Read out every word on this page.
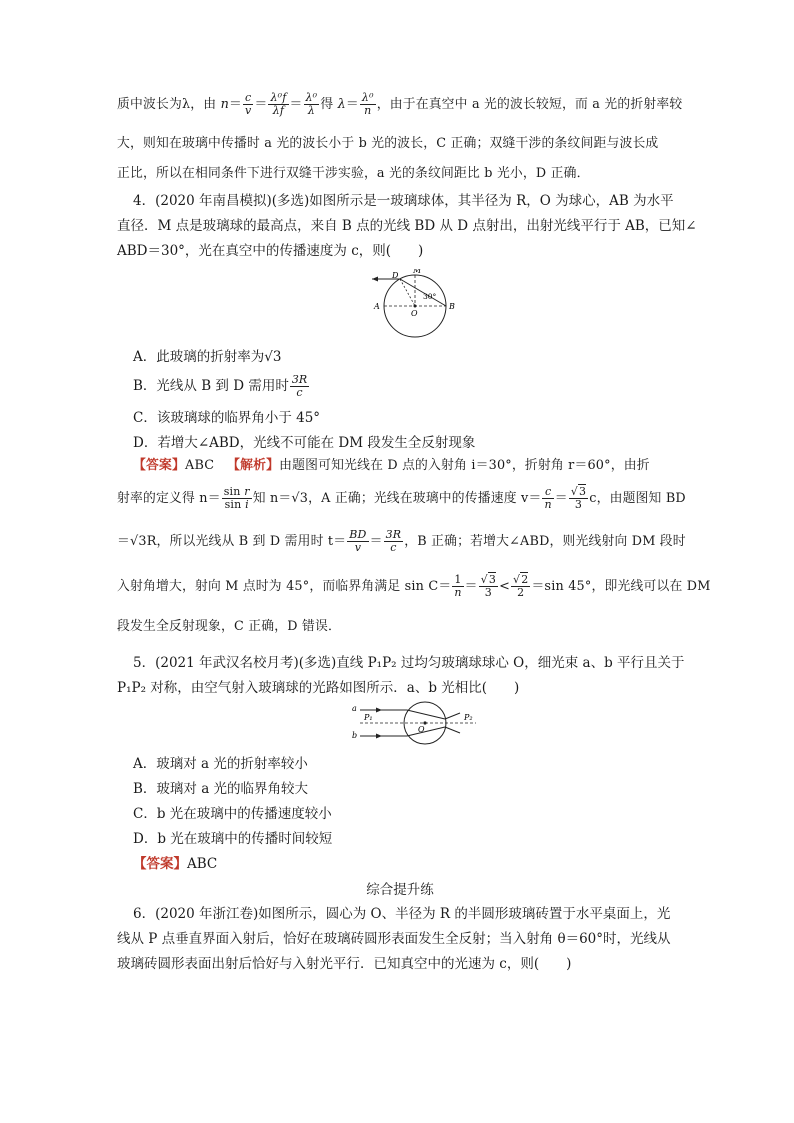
质中波长为λ，由 $n= \frac{c}{v} = \frac{\text{λ⁰f}}{\lambda f} = \frac{\text{λ⁰}}{\lambda}$ 得 $\lambda= \frac{\text{λ⁰}}{n}$ ，由于在真空中 a 光的波长较短，而 a 光的折射率较
大，则知在玻璃中传播时 a 光的波长小于 b 光的波长，C 正确；双缝干涉的条纹间距与波长成
正比，所以在相同条件下进行双缝干涉实验，a 光的条纹间距比 b 光小，D 正确．
4．(2020 年南昌模拟)(多选)如图所示是一玻璃球体，其半径为 R，O 为球心，AB 为水平
直径．M 点是玻璃球的最高点，来自 B 点的光线 BD 从 D 点射出，出射光线平行于 AB，已知∠
ABD＝30°，光在真空中的传播速度为 c，则(　　)
D
M
A	B
O
30°
A．此玻璃的折射率为√3
B．光线从 B 到 D 需用时 $\frac{3R}{c}$
C．该玻璃球的临界角小于 45°
D．若增大∠ABD，光线不可能在 DM 段发生全反射现象
【答案】ABC 【解析】由题图可知光线在 D 点的入射角 i＝30°，折射角 r＝60°，由折
射率的定义得 $n= \frac{\text{sin r}}{\text{sin i}}$ 知 n＝√3，A 正确；光线在玻璃中的传播速度 $v= \frac{c}{n} = \frac{√3}{3}$ c，由题图知 BD
＝√3R，所以光线从 B 到 D 需用时 $t= \frac{BD}{v} = \frac{3R}{c}$ ，B 正确；若增大∠ABD，则光线射向 DM 段时
入射角增大，射向 M 点时为 45°，而临界角满足 $\sin C= \frac{1}{n} = \frac{√3}{3} < \frac{√2}{2} =\sin$ 45°，即光线可以在 DM
段发生全反射现象，C 正确，D 错误．
5．(2021 年武汉名校月考)(多选)直线 P₁P₂ 过均匀玻璃球球心 O，细光束 a、b 平行且关于
P₁P₂ 对称，由空气射入玻璃球的光路如图所示．a、b 光相比(　　)
a
b
P₁	P₂
O
A．玻璃对 a 光的折射率较小
B．玻璃对 a 光的临界角较大
C．b 光在玻璃中的传播速度较小
D．b 光在玻璃中的传播时间较短
【答案】ABC
综合提升练
6．(2020 年浙江卷)如图所示，圆心为 O、半径为 R 的半圆形玻璃砖置于水平桌面上，光
线从 P 点垂直界面入射后，恰好在玻璃砖圆形表面发生全反射；当入射角 θ＝60°时，光线从
玻璃砖圆形表面出射后恰好与入射光平行．已知真空中的光速为 c，则(　　)
